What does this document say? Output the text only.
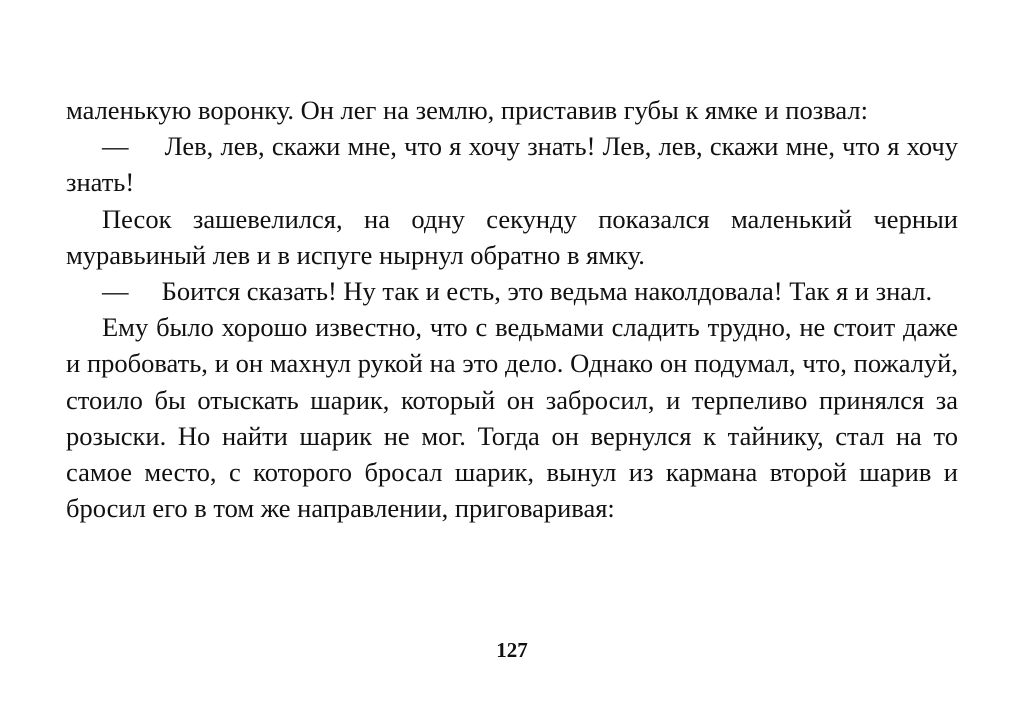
маленькую воронку. Он лег на землю, приставив губы к ямке и позвал:

—     Лев, лев, скажи мне, что я хочу знать! Лев, лев, скажи мне, что я хочу знать!

Песок зашевелился, на одну секунду показался маленький черныи муравьиный лев и в испуге нырнул обратно в ямку.

—     Боится сказать! Ну так и есть, это ведьма наколдовала! Так я и знал.

Ему было хорошо известно, что с ведьмами сладить трудно, не стоит даже и пробовать, и он махнул рукой на это дело. Однако он подумал, что, пожалуй, стоило бы отыскать шарик, который он забросил, и терпеливо принялся за розыски. Но найти шарик не мог. Тогда он вернулся к тайнику, стал на то самое место, с которого бросал шарик, вынул из кармана второй шарив и бросил его в том же направлении, приговаривая:

127
